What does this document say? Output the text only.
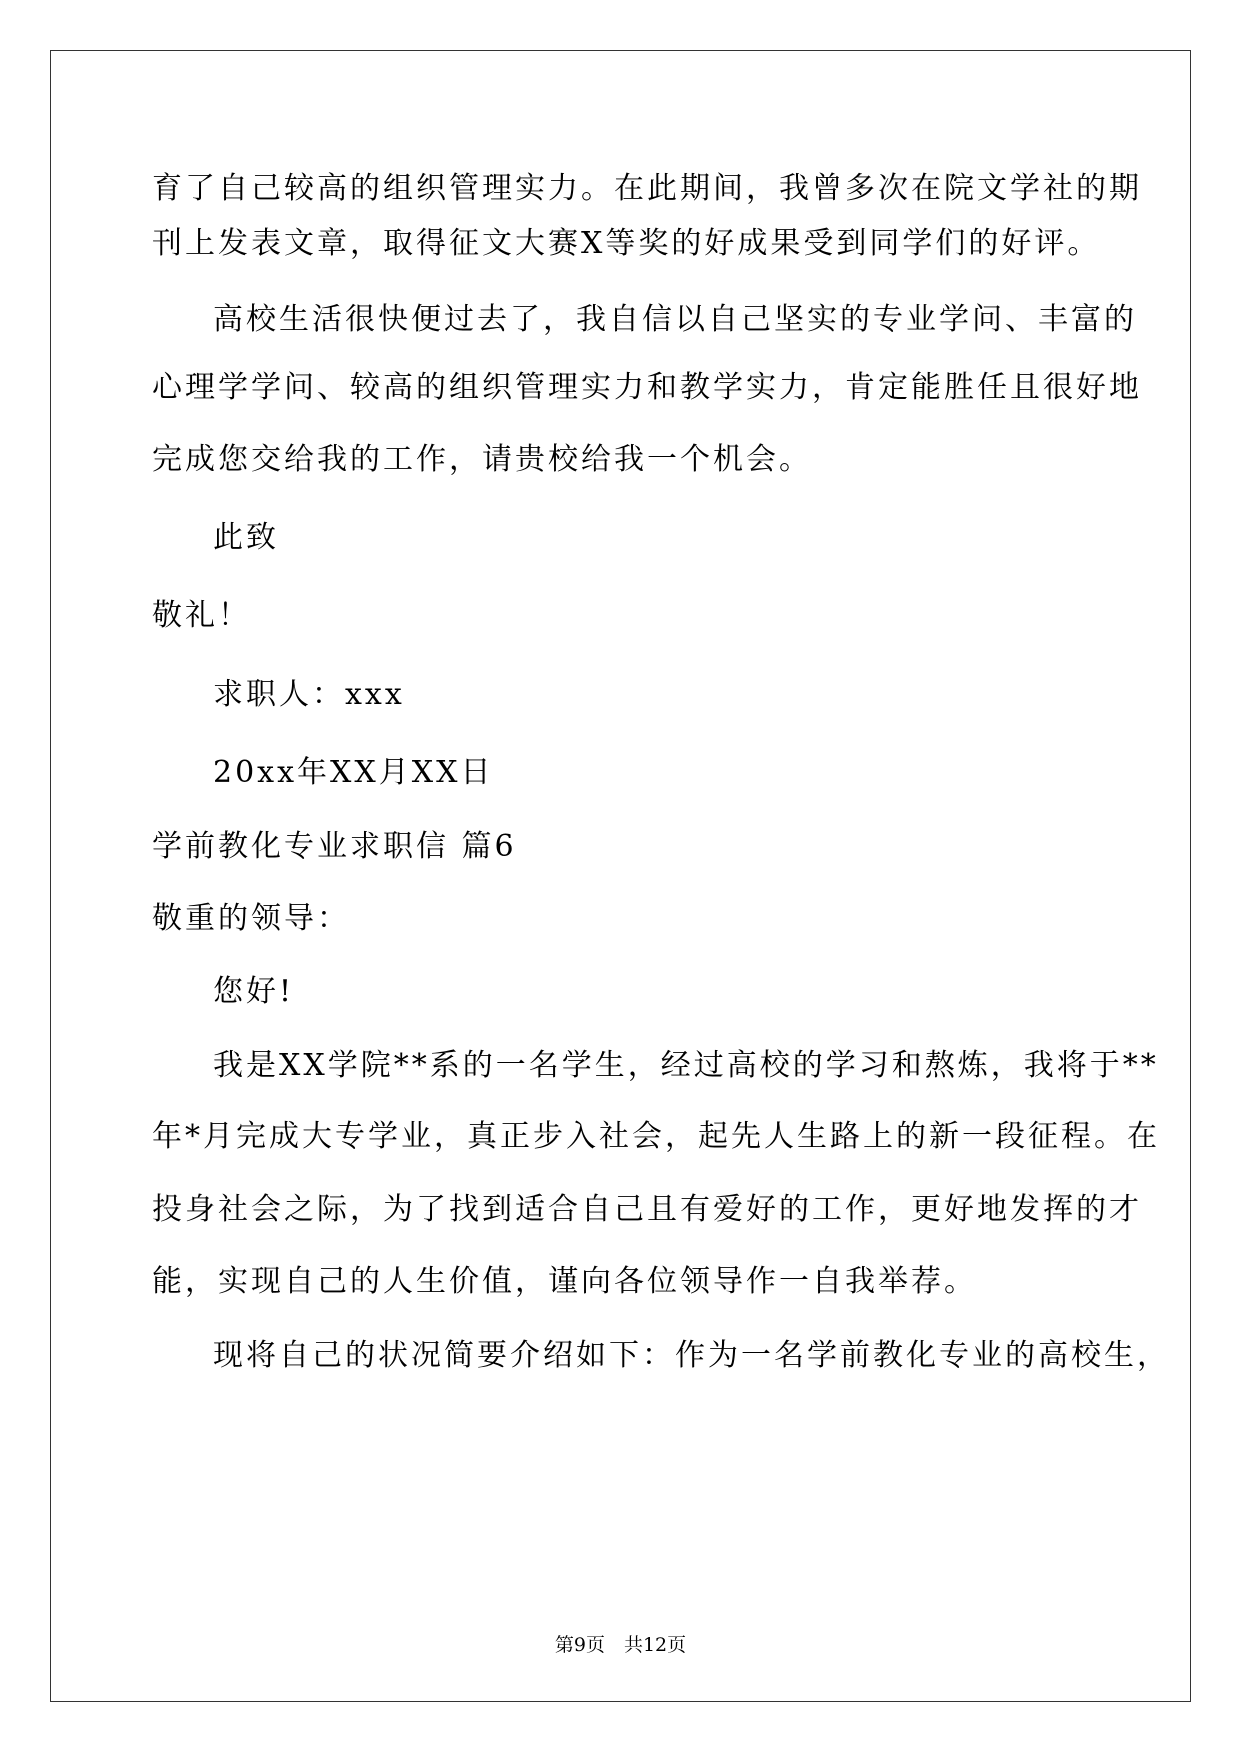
育了自己较高的组织管理实力。在此期间，我曾多次在院文学社的期
刊上发表文章，取得征文大赛X等奖的好成果受到同学们的好评。
高校生活很快便过去了，我自信以自己坚实的专业学问、丰富的
心理学学问、较高的组织管理实力和教学实力，肯定能胜任且很好地
完成您交给我的工作，请贵校给我一个机会。
此致
敬礼！
求职人：xxx
20xx年XX月XX日
学前教化专业求职信 篇6
敬重的领导：
您好!
我是XX学院**系的一名学生，经过高校的学习和熬炼，我将于**
年*月完成大专学业，真正步入社会，起先人生路上的新一段征程。在
投身社会之际，为了找到适合自己且有爱好的工作，更好地发挥的才
能，实现自己的人生价值，谨向各位领导作一自我举荐。
现将自己的状况简要介绍如下：作为一名学前教化专业的高校生，
第9页　共12页
